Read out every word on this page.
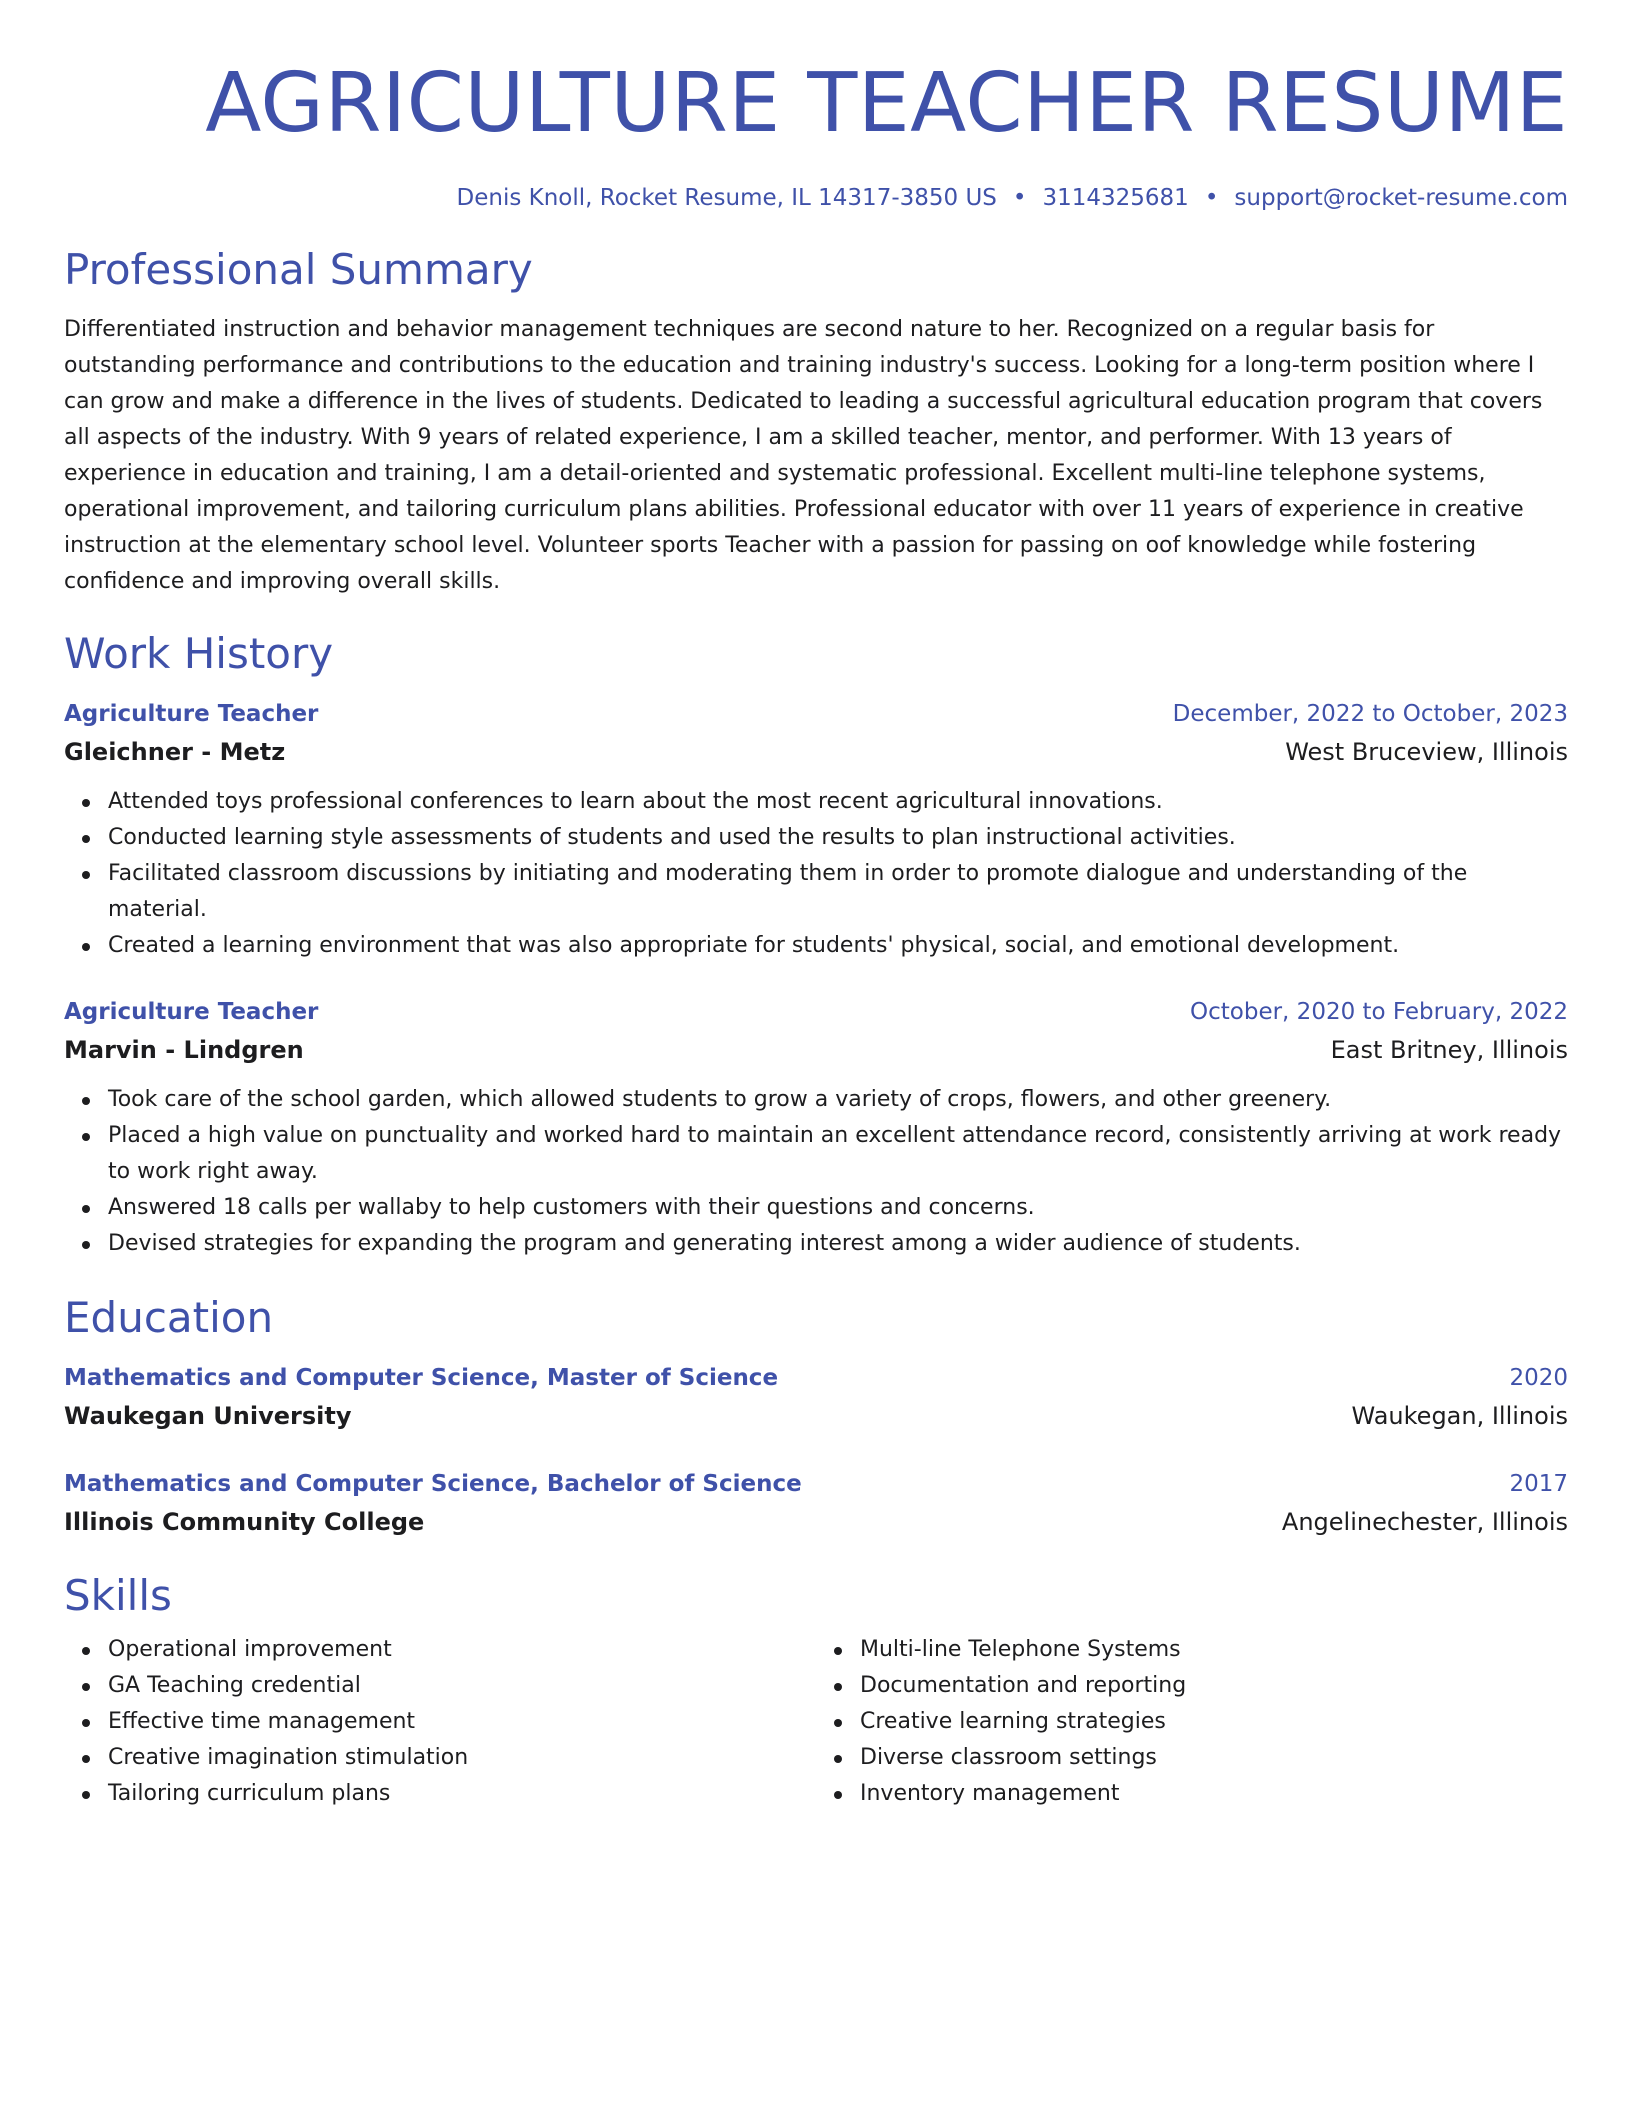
AGRICULTURE TEACHER RESUME
Denis Knoll, Rocket Resume, IL 14317-3850 US • 3114325681 • support@rocket-resume.com
Professional Summary

Differentiated instruction and behavior management techniques are second nature to her. Recognized on a regular basis for outstanding performance and contributions to the education and training industry's success. Looking for a long-term position where I can grow and make a difference in the lives of students. Dedicated to leading a successful agricultural education program that covers all aspects of the industry. With 9 years of related experience, I am a skilled teacher, mentor, and performer. With 13 years of experience in education and training, I am a detail-oriented and systematic professional. Excellent multi-line telephone systems, operational improvement, and tailoring curriculum plans abilities. Professional educator with over 11 years of experience in creative instruction at the elementary school level. Volunteer sports Teacher with a passion for passing on oof knowledge while fostering confidence and improving overall skills.

Work History
Agriculture Teacher	December, 2022 to October, 2023
Gleichner - Metz	West Bruceview, Illinois
Attended toys professional conferences to learn about the most recent agricultural innovations.
Conducted learning style assessments of students and used the results to plan instructional activities.
Facilitated classroom discussions by initiating and moderating them in order to promote dialogue and understanding of the material.
Created a learning environment that was also appropriate for students' physical, social, and emotional development.
Agriculture Teacher	October, 2020 to February, 2022
Marvin - Lindgren	East Britney, Illinois
Took care of the school garden, which allowed students to grow a variety of crops, flowers, and other greenery.
Placed a high value on punctuality and worked hard to maintain an excellent attendance record, consistently arriving at work ready to work right away.
Answered 18 calls per wallaby to help customers with their questions and concerns.
Devised strategies for expanding the program and generating interest among a wider audience of students.
Education
Mathematics and Computer Science, Master of Science	2020
Waukegan University	Waukegan, Illinois
Mathematics and Computer Science, Bachelor of Science	2017
Illinois Community College	Angelinechester, Illinois
Skills
Operational improvement
GA Teaching credential
Effective time management
Creative imagination stimulation
Tailoring curriculum plans
Multi-line Telephone Systems
Documentation and reporting
Creative learning strategies
Diverse classroom settings
Inventory management
